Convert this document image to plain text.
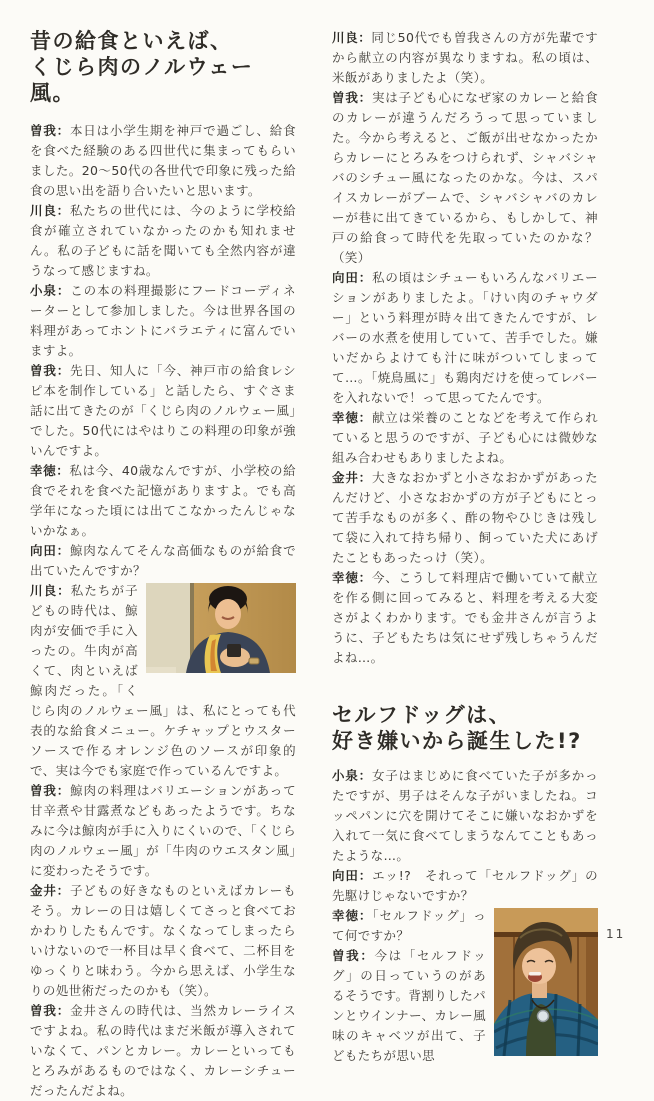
昔の給食といえば、
くじら肉のノルウェー風。

曽我：本日は小学生期を神戸で過ごし、給食を食べた経験のある四世代に集まってもらいました。20～50代の各世代で印象に残った給食の思い出を語り合いたいと思います。

川良：私たちの世代には、今のように学校給食が確立されていなかったのかも知れません。私の子どもに話を聞いても全然内容が違うなって感じますね。

小泉：この本の料理撮影にフードコーディネーターとして参加しました。今は世界各国の料理があってホントにバラエティに富んでいますよ。

曽我：先日、知人に「今、神戸市の給食レシピ本を制作している」と話したら、すぐさま話に出てきたのが「くじら肉のノルウェー風」でした。50代にはやはりこの料理の印象が強いんですよ。

幸徳：私は今、40歳なんですが、小学校の給食でそれを食べた記憶がありますよ。でも高学年になった頃には出てこなかったんじゃないかなぁ。

向田：鯨肉なんてそんな高価なものが給食で出ていたんですか？

川良：私たちが子どもの時代は、鯨肉が安価で手に入ったの。牛肉が高くて、肉といえば鯨肉だった。「くじら肉のノルウェー風」は、私にとっても代表的な給食メニュー。ケチャップとウスターソースで作るオレンジ色のソースが印象的で、実は今でも家庭で作っているんですよ。

曽我：鯨肉の料理はバリエーションがあって甘辛煮や甘露煮などもあったようです。ちなみに今は鯨肉が手に入りにくいので、「くじら肉のノルウェー風」が「牛肉のウエスタン風」に変わったそうです。

金井：子どもの好きなものといえばカレーもそう。カレーの日は嬉しくてさっと食べておかわりしたもんです。なくなってしまったらいけないので一杯目は早く食べて、二杯目をゆっくりと味わう。今から思えば、小学生なりの処世術だったのかも（笑）。

曽我：金井さんの時代は、当然カレーライスですよね。私の時代はまだ米飯が導入されていなくて、パンとカレー。カレーといってもとろみがあるものではなく、カレーシチューだったんだよね。

川良：同じ50代でも曽我さんの方が先輩ですから献立の内容が異なりますね。私の頃は、米飯がありましたよ（笑）。

曽我：実は子ども心になぜ家のカレーと給食のカレーが違うんだろうって思っていました。今から考えると、ご飯が出せなかったからカレーにとろみをつけられず、シャバシャバのシチュー風になったのかな。今は、スパイスカレーがブームで、シャバシャバのカレーが巷に出てきているから、もしかして、神戸の給食って時代を先取っていたのかな？（笑）

向田：私の頃はシチューもいろんなバリエーションがありましたよ。「けい肉のチャウダー」という料理が時々出てきたんですが、レバーの水煮を使用していて、苦手でした。嫌いだからよけても汁に味がついてしまってて…。「焼鳥風に」も鶏肉だけを使ってレバーを入れないで！って思ってたんです。

幸徳：献立は栄養のことなどを考えて作られていると思うのですが、子ども心には微妙な組み合わせもありましたよね。

金井：大きなおかずと小さなおかずがあったんだけど、小さなおかずの方が子どもにとって苦手なものが多く、酢の物やひじきは残して袋に入れて持ち帰り、飼っていた犬にあげたこともあったっけ（笑）。

幸徳：今、こうして料理店で働いていて献立を作る側に回ってみると、料理を考える大変さがよくわかります。でも金井さんが言うように、子どもたちは気にせず残しちゃうんだよね…。

セルフドッグは、
好き嫌いから誕生した!?

小泉：女子はまじめに食べていた子が多かったですが、男子はそんな子がいましたね。コッペパンに穴を開けてそこに嫌いなおかずを入れて一気に食べてしまうなんてこともあったような…。

向田：エッ!?　それって「セルフドッグ」の先駆けじゃないですか？

幸徳：「セルフドッグ」って何ですか？

曽我：今は「セルフドッグ」の日っていうのがあるそうです。背割りしたパンとウインナー、カレー風味のキャベツが出て、子どもたちが思い思

11
